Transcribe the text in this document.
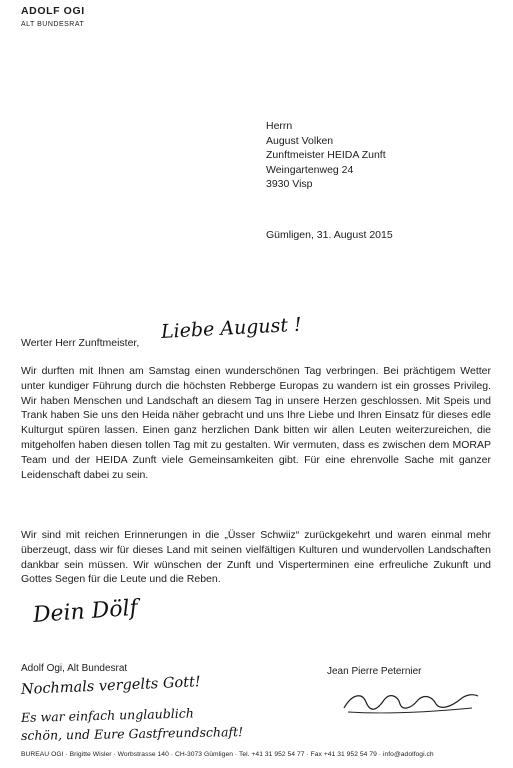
ADOLF OGI
ALT BUNDESRAT
Herrn
August Volken
Zunftmeister HEIDA Zunft
Weingartenweg 24
3930 Visp
Gümligen, 31. August 2015
Werter Herr Zunftmeister,
Liebe August !
Wir durften mit Ihnen am Samstag einen wunderschönen Tag verbringen. Bei prächtigem Wetter unter kundiger Führung durch die höchsten Rebberge Europas zu wandern ist ein grosses Privileg. Wir haben Menschen und Landschaft an diesem Tag in unsere Herzen geschlossen. Mit Speis und Trank haben Sie uns den Heida näher gebracht und uns Ihre Liebe und Ihren Einsatz für dieses edle Kulturgut spüren lassen. Einen ganz herzlichen Dank bitten wir allen Leuten weiterzureichen, die mitgeholfen haben diesen tollen Tag mit zu gestalten. Wir vermuten, dass es zwischen dem MORAP Team und der HEIDA Zunft viele Gemeinsamkeiten gibt. Für eine ehrenvolle Sache mit ganzer Leidenschaft dabei zu sein.
Wir sind mit reichen Erinnerungen in die „Üsser Schwiiz“ zurückgekehrt und waren einmal mehr überzeugt, dass wir für dieses Land mit seinen vielfältigen Kulturen und wundervollen Landschaften dankbar sein müssen. Wir wünschen der Zunft und Visperterminen eine erfreuliche Zukunft und Gottes Segen für die Leute und die Reben.
Dein Dölf
Adolf Ogi, Alt Bundesrat	Jean Pierre Peternier
Nochmals vergelts Gott!
Es war einfach unglaublich
schön, und Eure Gastfreundschaft!
BUREAU OGI · Brigitte Wisler · Worbstrasse 140 · CH-3073 Gümligen · Tel. +41 31 952 54 77 · Fax +41 31 952 54 79 · info@adolfogi.ch
